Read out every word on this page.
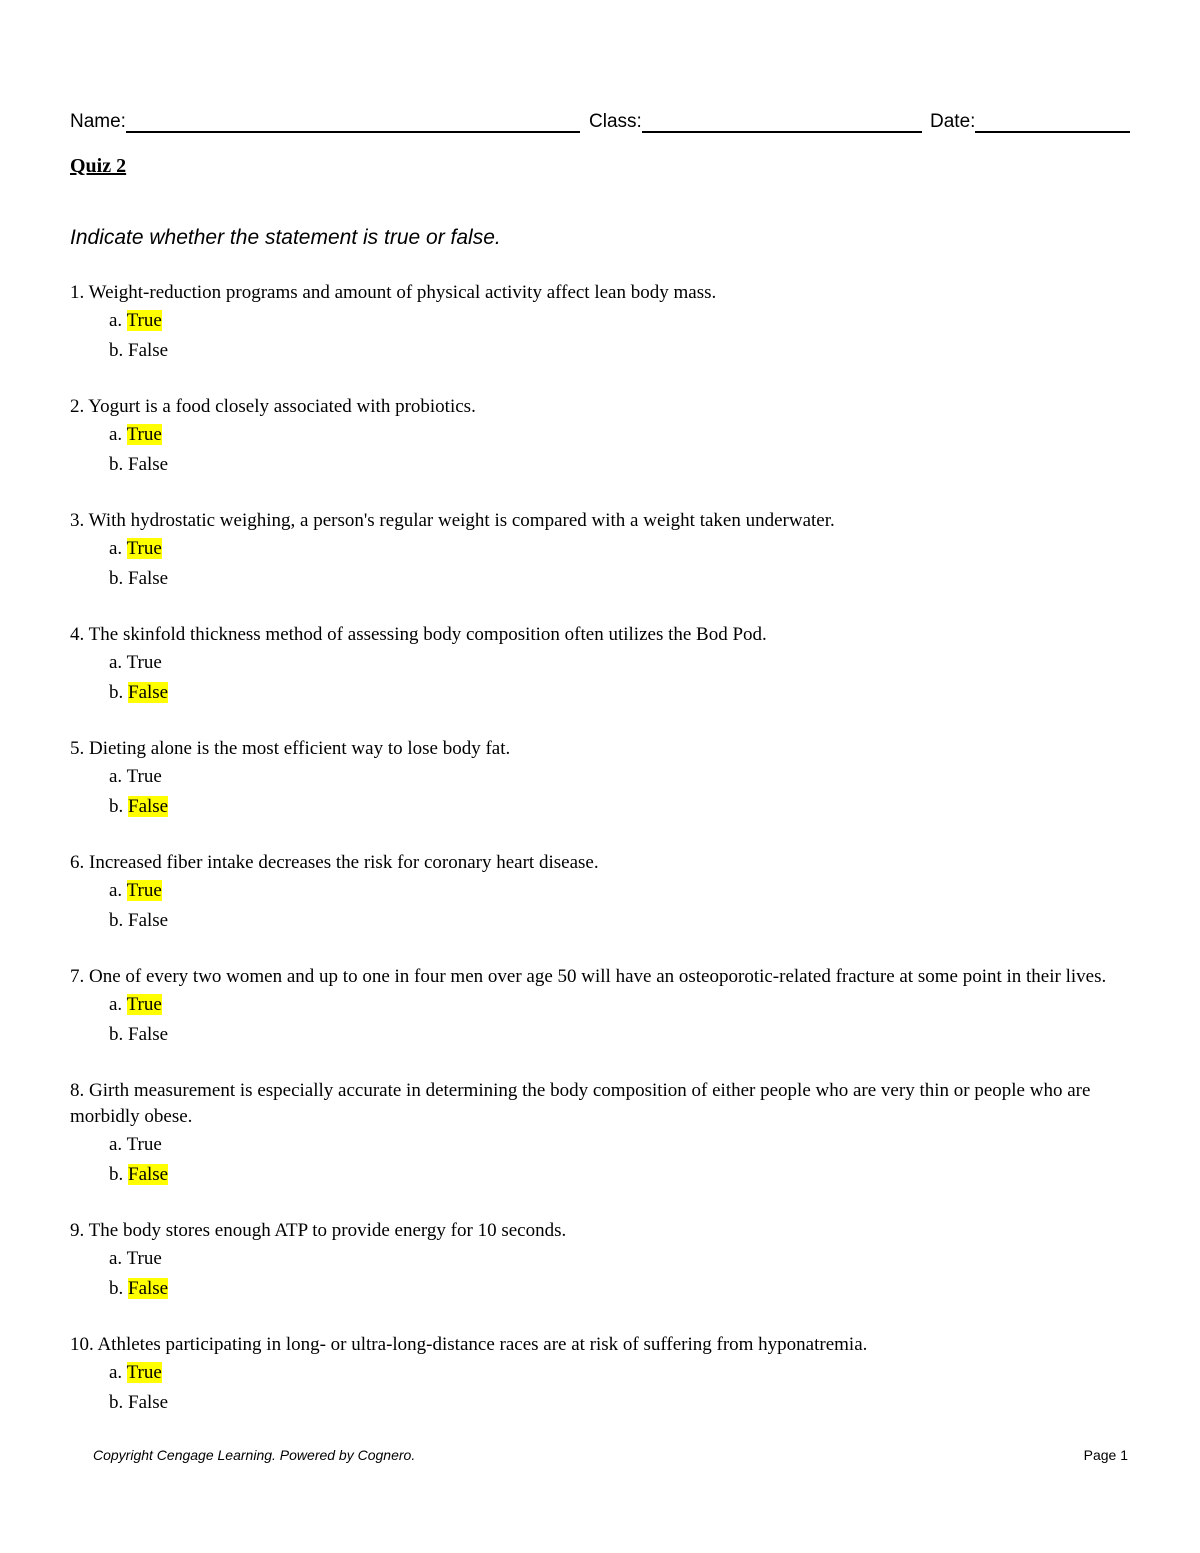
Name:	Class:	Date:
Quiz 2

Indicate whether the statement is true or false.

1. Weight-reduction programs and amount of physical activity affect lean body mass.

a. True
b. False

2. Yogurt is a food closely associated with probiotics.

a. True
b. False

3. With hydrostatic weighing, a person's regular weight is compared with a weight taken underwater.

a. True
b. False

4. The skinfold thickness method of assessing body composition often utilizes the Bod Pod.

a. True
b. False

5. Dieting alone is the most efficient way to lose body fat.

a. True
b. False

6. Increased fiber intake decreases the risk for coronary heart disease.

a. True
b. False

7. One of every two women and up to one in four men over age 50 will have an osteoporotic-related fracture at some point in their lives.

a. True
b. False

8. Girth measurement is especially accurate in determining the body composition of either people who are very thin or people who are morbidly obese.

a. True
b. False

9. The body stores enough ATP to provide energy for 10 seconds.

a. True
b. False

10. Athletes participating in long- or ultra-long-distance races are at risk of suffering from hyponatremia.

a. True
b. False
Copyright Cengage Learning. Powered by Cognero.	Page 1
